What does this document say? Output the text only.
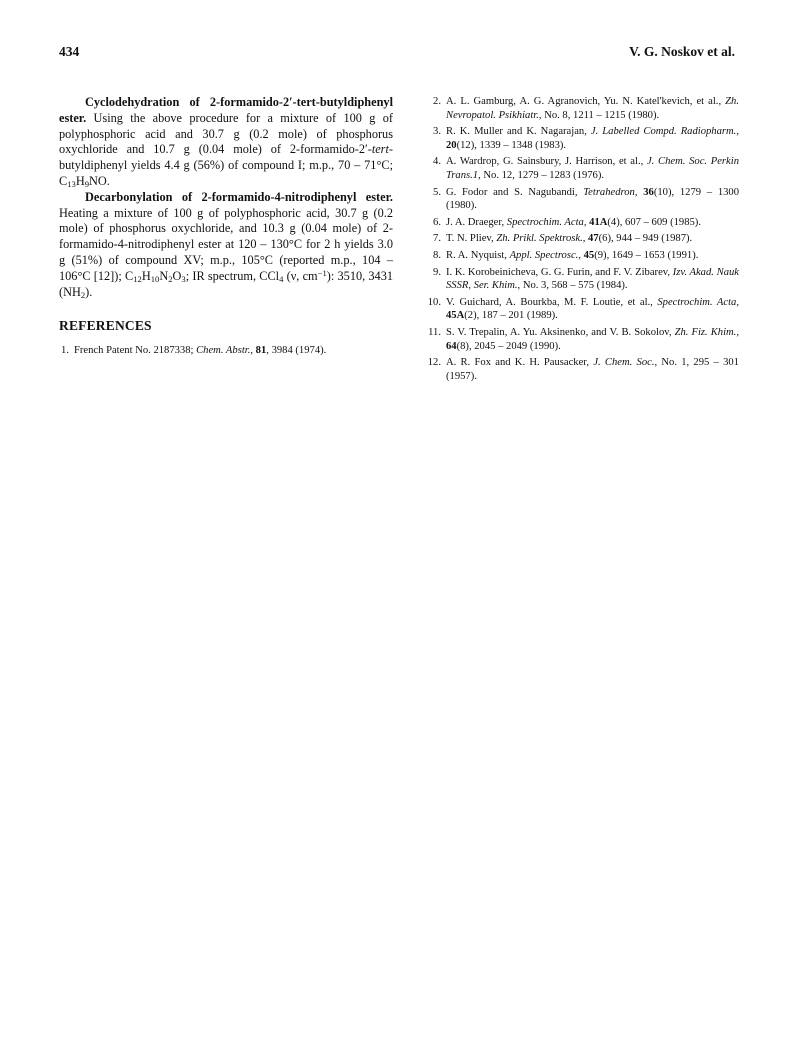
434	V. G. Noskov et al.

Cyclodehydration of 2-formamido-2′-tert-butyldiphenyl ester. Using the above procedure for a mixture of 100 g of polyphosphoric acid and 30.7 g (0.2 mole) of phosphorus oxychloride and 10.7 g (0.04 mole) of 2-formamido-2′-tert-butyldiphenyl yields 4.4 g (56%) of compound I; m.p., 70 – 71°C; $C_{13}H_9NO$.

Decarbonylation of 2-formamido-4-nitrodiphenyl ester. Heating a mixture of 100 g of polyphosphoric acid, 30.7 g (0.2 mole) of phosphorus oxychloride, and 10.3 g (0.04 mole) of 2-formamido-4-nitrodiphenyl ester at 120 – 130°C for 2 h yields 3.0 g (51%) of compound XV; m.p., 105°C (reported m.p., 104 – 106°C [12]); $C_{12}H_{10}N_2O_3$; IR spectrum, CCl$_4$ (ν, $cm^{-1}$): 3510, 3431 $(NH_2)$.

REFERENCES
1. French Patent No. 2187338; Chem. Abstr., 81, 3984 (1974).
2. A. L. Gamburg, A. G. Agranovich, Yu. N. Katel'kevich, et al., Zh. Nevropatol. Psikhiatr., No. 8, 1211 – 1215 (1980).
3. R. K. Muller and K. Nagarajan, J. Labelled Compd. Radiopharm., 20(12), 1339 – 1348 (1983).
4. A. Wardrop, G. Sainsbury, J. Harrison, et al., J. Chem. Soc. Perkin Trans.1, No. 12, 1279 – 1283 (1976).
5. G. Fodor and S. Nagubandi, Tetrahedron, 36(10), 1279 – 1300 (1980).
6. J. A. Draeger, Spectrochim. Acta, 41A(4), 607 – 609 (1985).
7. T. N. Pliev, Zh. Prikl. Spektrosk., 47(6), 944 – 949 (1987).
8. R. A. Nyquist, Appl. Spectrosc., 45(9), 1649 – 1653 (1991).
9. I. K. Korobeinicheva, G. G. Furin, and F. V. Zibarev, Izv. Akad. Nauk SSSR, Ser. Khim., No. 3, 568 – 575 (1984).
10. V. Guichard, A. Bourkba, M. F. Loutie, et al., Spectrochim. Acta, 45A(2), 187 – 201 (1989).
11. S. V. Trepalin, A. Yu. Aksinenko, and V. B. Sokolov, Zh. Fiz. Khim., 64(8), 2045 – 2049 (1990).
12. A. R. Fox and K. H. Pausacker, J. Chem. Soc., No. 1, 295 – 301 (1957).
